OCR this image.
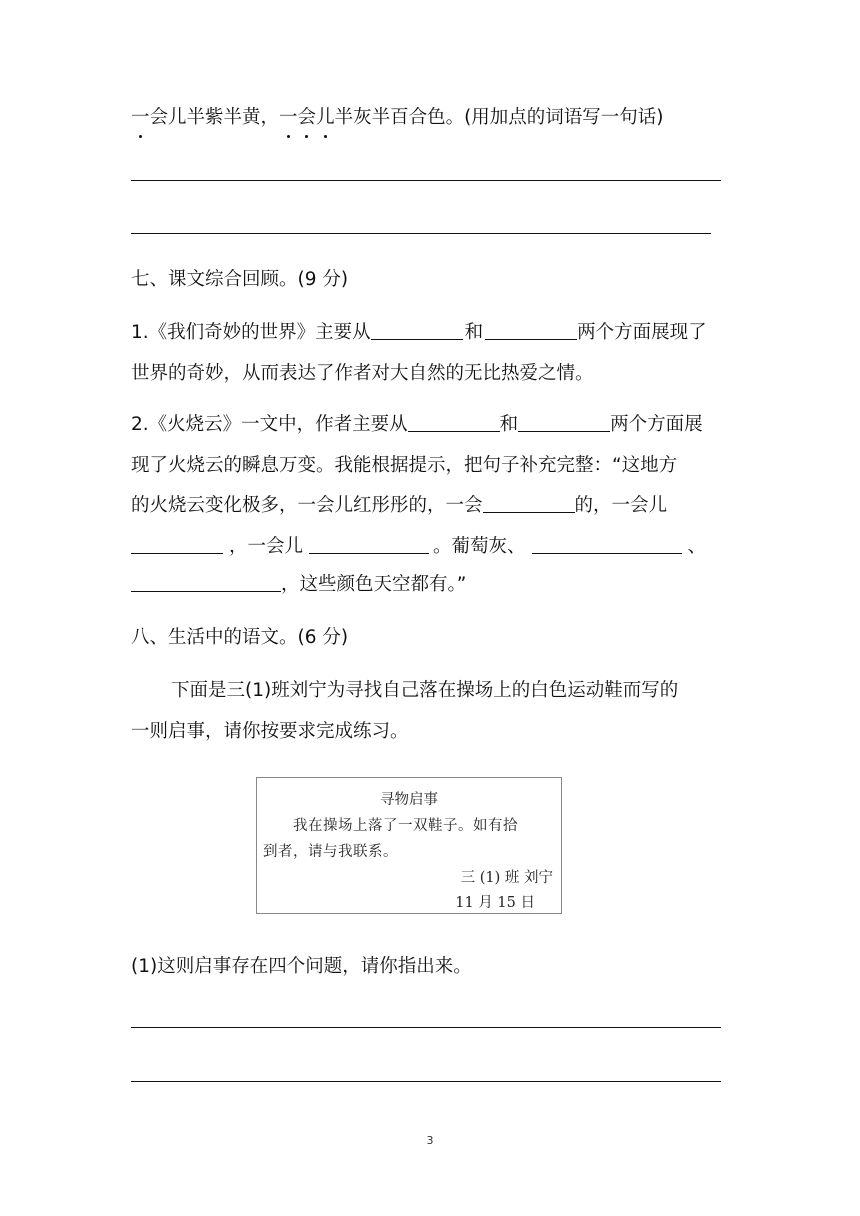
一会儿半紫半黄，一会儿半灰半百合色。(用加点的词语写一句话)
七、课文综合回顾。(9 分)
1.《我们奇妙的世界》主要从	和	两个方面展现了
世界的奇妙，从而表达了作者对大自然的无比热爱之情。
2.《火烧云》一文中，作者主要从	和	两个方面展
现了火烧云的瞬息万变。我能根据提示，把句子补充完整：“这地方
的火烧云变化极多，一会儿红彤彤的，一会	的，一会儿
，一会儿	。葡萄灰、	、
，这些颜色天空都有。”
八、生活中的语文。(6 分)
下面是三(1)班刘宁为寻找自己落在操场上的白色运动鞋而写的
一则启事，请你按要求完成练习。
寻物启事
我在操场上落了一双鞋子。如有拾
到者，请与我联系。
三 (1) 班 刘宁
11 月 15 日
(1)这则启事存在四个问题，请你指出来。
3
